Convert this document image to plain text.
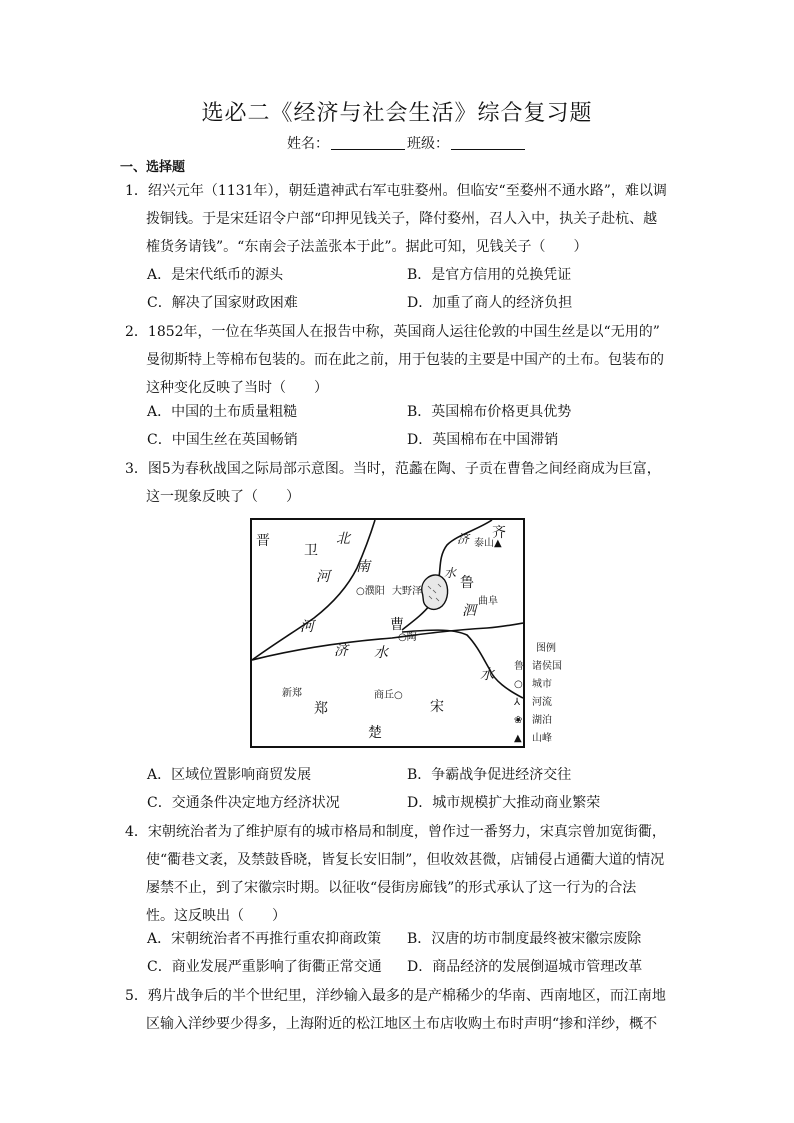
选必二《经济与社会生活》综合复习题
姓名：	班级：
一、选择题
1．绍兴元年（1131年），朝廷遣神武右军屯驻婺州。但临安“至婺州不通水路”，难以调
拨铜钱。于是宋廷诏令户部“印押见钱关子，降付婺州，召人入中，执关子赴杭、越
榷货务请钱”。“东南会子法盖张本于此”。据此可知，见钱关子（　　）
A．是宋代纸币的源头	B．是官方信用的兑换凭证
C．解决了国家财政困难	D．加重了商人的经济负担
2．1852年，一位在华英国人在报告中称，英国商人运往伦敦的中国生丝是以“无用的”
曼彻斯特上等棉布包装的。而在此之前，用于包装的主要是中国产的土布。包装布的
这种变化反映了当时（　　）
A．中国的土布质量粗糙	B．英国棉布价格更具优势
C．中国生丝在英国畅销	D．英国棉布在中国滞销
3．图5为春秋战国之际局部示意图。当时，范蠡在陶、子贡在曹鲁之间经商成为巨富，
这一现象反映了（　　）
晋
卫
北
南
河
河
济 齐
泰山▲
水
鲁
曲阜
○濮阳 大野泽
泗
曹
○陶
济 水
水
新郑	商丘○
郑	宋
楚
图例
鲁 诸侯国
○ 城市
⅄ 河流
❀ 湖泊
▲ 山峰
A．区域位置影响商贸发展	B．争霸战争促进经济交往
C．交通条件决定地方经济状况	D．城市规模扩大推动商业繁荣
4．宋朝统治者为了维护原有的城市格局和制度，曾作过一番努力，宋真宗曾加宽街衢，
使“衢巷文袤，及禁鼓昏晓，皆复长安旧制”，但收效甚微，店铺侵占通衢大道的情况
屡禁不止，到了宋徽宗时期。以征收“侵街房廊钱”的形式承认了这一行为的合法
性。这反映出（　　）
A．宋朝统治者不再推行重农抑商政策 B．汉唐的坊市制度最终被宋徽宗废除
C．商业发展严重影响了街衢正常交通 D．商品经济的发展倒逼城市管理改革
5．鸦片战争后的半个世纪里，洋纱输入最多的是产棉稀少的华南、西南地区，而江南地
区输入洋纱要少得多，上海附近的松江地区土布店收购土布时声明“掺和洋纱，概不
